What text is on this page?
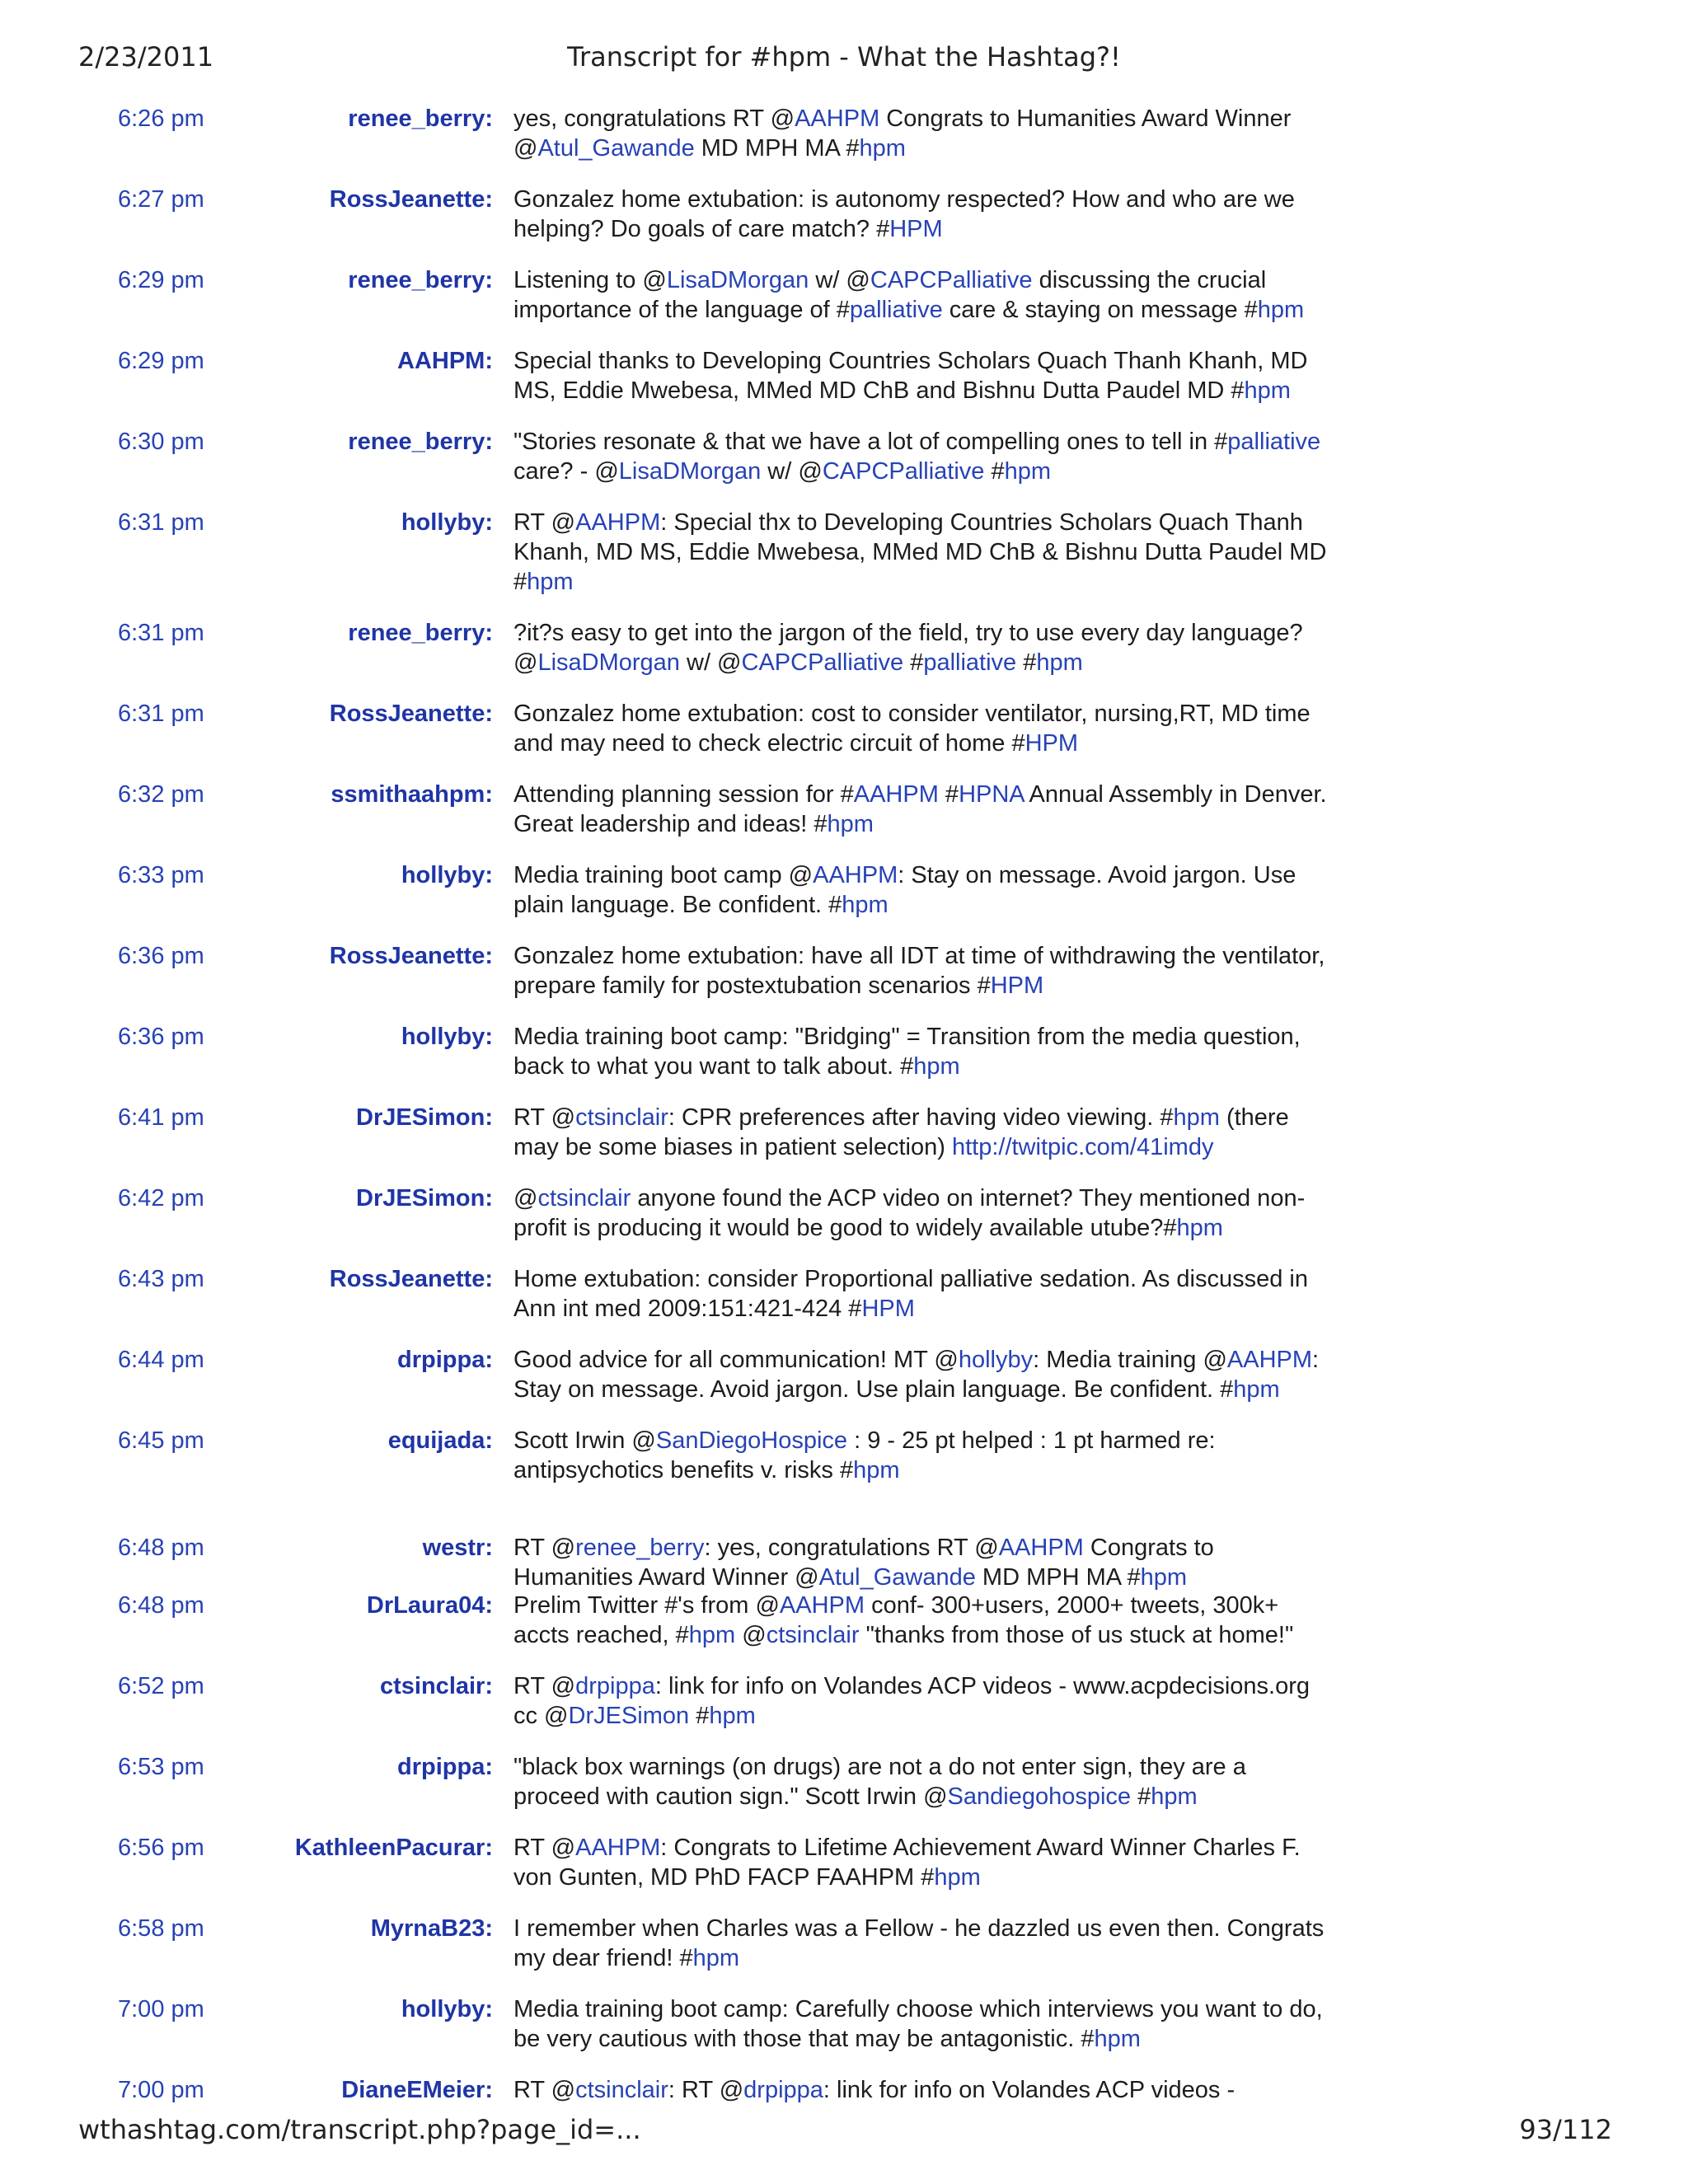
2/23/2011	Transcript for #hpm - What the Hashtag?!
6:26 pm	renee_berry: yes, congratulations RT @AAHPM Congrats to Humanities Award Winner @Atul_Gawande MD MPH MA #hpm
6:27 pm	RossJeanette: Gonzalez home extubation: is autonomy respected? How and who are we helping? Do goals of care match? #HPM
6:29 pm	renee_berry: Listening to @LisaDMorgan w/ @CAPCPalliative discussing the crucial importance of the language of #palliative care & staying on message #hpm
6:29 pm	AAHPM: Special thanks to Developing Countries Scholars Quach Thanh Khanh, MD MS, Eddie Mwebesa, MMed MD ChB and Bishnu Dutta Paudel MD #hpm
6:30 pm	renee_berry: "Stories resonate & that we have a lot of compelling ones to tell in #palliative care? - @LisaDMorgan w/ @CAPCPalliative #hpm
6:31 pm	hollyby: RT @AAHPM: Special thx to Developing Countries Scholars Quach Thanh Khanh, MD MS, Eddie Mwebesa, MMed MD ChB & Bishnu Dutta Paudel MD #hpm
6:31 pm	renee_berry: ?it?s easy to get into the jargon of the field, try to use every day language? @LisaDMorgan w/ @CAPCPalliative #palliative #hpm
6:31 pm	RossJeanette: Gonzalez home extubation: cost to consider ventilator, nursing,RT, MD time and may need to check electric circuit of home #HPM
6:32 pm	ssmithaahpm: Attending planning session for #AAHPM #HPNA Annual Assembly in Denver. Great leadership and ideas! #hpm
6:33 pm	hollyby: Media training boot camp @AAHPM: Stay on message. Avoid jargon. Use plain language. Be confident. #hpm
6:36 pm	RossJeanette: Gonzalez home extubation: have all IDT at time of withdrawing the ventilator, prepare family for postextubation scenarios #HPM
6:36 pm	hollyby: Media training boot camp: "Bridging" = Transition from the media question, back to what you want to talk about. #hpm
6:41 pm	DrJESimon: RT @ctsinclair: CPR preferences after having video viewing. #hpm (there may be some biases in patient selection) http://twitpic.com/41imdy
6:42 pm	DrJESimon: @ctsinclair anyone found the ACP video on internet? They mentioned non-profit is producing it would be good to widely available utube?#hpm
6:43 pm	RossJeanette: Home extubation: consider Proportional palliative sedation. As discussed in Ann int med 2009:151:421-424 #HPM
6:44 pm	drpippa: Good advice for all communication! MT @hollyby: Media training @AAHPM: Stay on message. Avoid jargon. Use plain language. Be confident. #hpm
6:45 pm	equijada: Scott Irwin @SanDiegoHospice : 9 - 25 pt helped : 1 pt harmed re: antipsychotics benefits v. risks #hpm
6:48 pm	westr: RT @renee_berry: yes, congratulations RT @AAHPM Congrats to Humanities Award Winner @Atul_Gawande MD MPH MA #hpm
6:48 pm	DrLaura04: Prelim Twitter #'s from @AAHPM conf- 300+users, 2000+ tweets, 300k+ accts reached, #hpm @ctsinclair "thanks from those of us stuck at home!"
6:52 pm	ctsinclair: RT @drpippa: link for info on Volandes ACP videos - www.acpdecisions.org cc @DrJESimon #hpm
6:53 pm	drpippa: "black box warnings (on drugs) are not a do not enter sign, they are a proceed with caution sign." Scott Irwin @Sandiegohospice #hpm
6:56 pm	KathleenPacurar: RT @AAHPM: Congrats to Lifetime Achievement Award Winner Charles F. von Gunten, MD PhD FACP FAAHPM #hpm
6:58 pm	MyrnaB23: I remember when Charles was a Fellow - he dazzled us even then. Congrats my dear friend! #hpm
7:00 pm	hollyby: Media training boot camp: Carefully choose which interviews you want to do, be very cautious with those that may be antagonistic. #hpm
7:00 pm	DianeEMeier: RT @ctsinclair: RT @drpippa: link for info on Volandes ACP videos -
wthashtag.com/transcript.php?page_id=...	93/112
